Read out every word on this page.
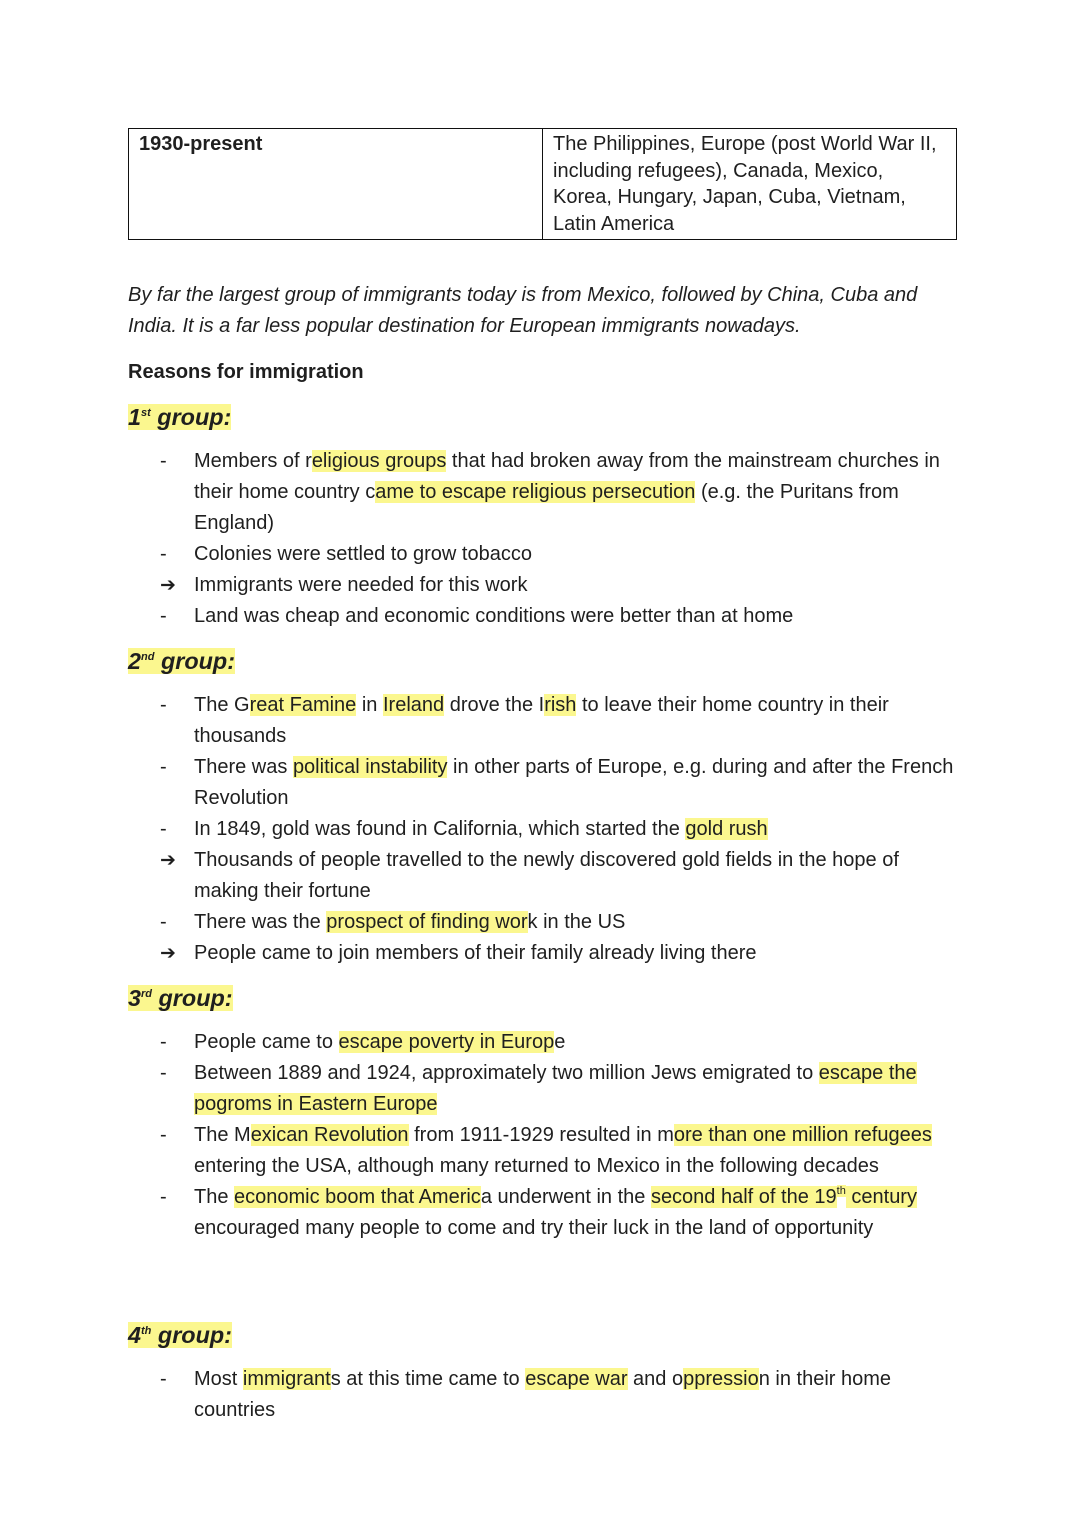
1930-present	The Philippines, Europe (post World War II, including refugees), Canada, Mexico, Korea, Hungary, Japan, Cuba, Vietnam, Latin America

By far the largest group of immigrants today is from Mexico, followed by China, Cuba and India. It is a far less popular destination for European immigrants nowadays.

Reasons for immigration
1st group:
-	Members of religious groups that had broken away from the mainstream churches in their home country came to escape religious persecution (e.g. the Puritans from England)
-	Colonies were settled to grow tobacco
➔ Immigrants were needed for this work
-	Land was cheap and economic conditions were better than at home
2nd group:
-	The Great Famine in Ireland drove the Irish to leave their home country in their thousands
-	There was political instability in other parts of Europe, e.g. during and after the French Revolution
-	In 1849, gold was found in California, which started the gold rush
➔ Thousands of people travelled to the newly discovered gold fields in the hope of making their fortune
-	There was the prospect of finding work in the US
➔ People came to join members of their family already living there
3rd group:
-	People came to escape poverty in Europe
-	Between 1889 and 1924, approximately two million Jews emigrated to escape the pogroms in Eastern Europe
-	The Mexican Revolution from 1911-1929 resulted in more than one million refugees entering the USA, although many returned to Mexico in the following decades
-	The economic boom that America underwent in the second half of the 19th century encouraged many people to come and try their luck in the land of opportunity
4th group:
-	Most immigrants at this time came to escape war and oppression in their home countries
